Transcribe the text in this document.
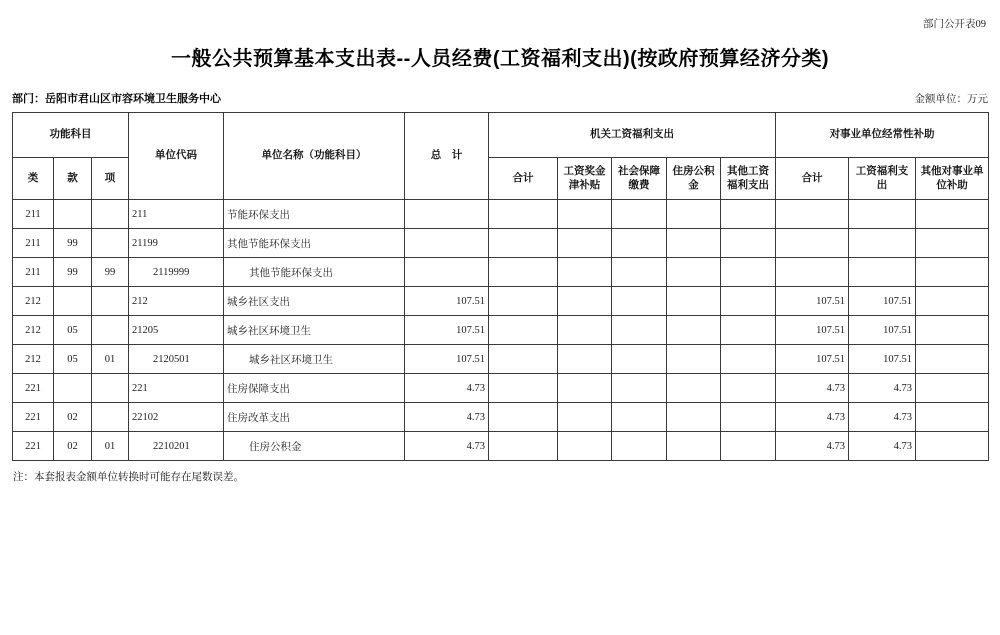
部门公开表09
一般公共预算基本支出表--人员经费(工资福利支出)(按政府预算经济分类)
部门：岳阳市君山区市容环境卫生服务中心	金额单位：万元
功能科目			单位代码	单位名称（功能科目）	总　计	机关工资福利支出					对事业单位经常性补助		
类	款	项				合计	工资奖金津补贴	社会保障缴费	住房公积金	其他工资福利支出	合计	工资福利支出	其他对事业单位补助
211			211	节能环保支出									
211	99		21199	其他节能环保支出									
211	99	99	2119999	其他节能环保支出									
212			212	城乡社区支出	107.51						107.51	107.51	
212	05		21205	城乡社区环境卫生	107.51						107.51	107.51	
212	05	01	2120501	城乡社区环境卫生	107.51						107.51	107.51	
221			221	住房保障支出	4.73						4.73	4.73	
221	02		22102	住房改革支出	4.73						4.73	4.73	
221	02	01	2210201	住房公积金	4.73						4.73	4.73	
注：本套报表金额单位转换时可能存在尾数误差。
